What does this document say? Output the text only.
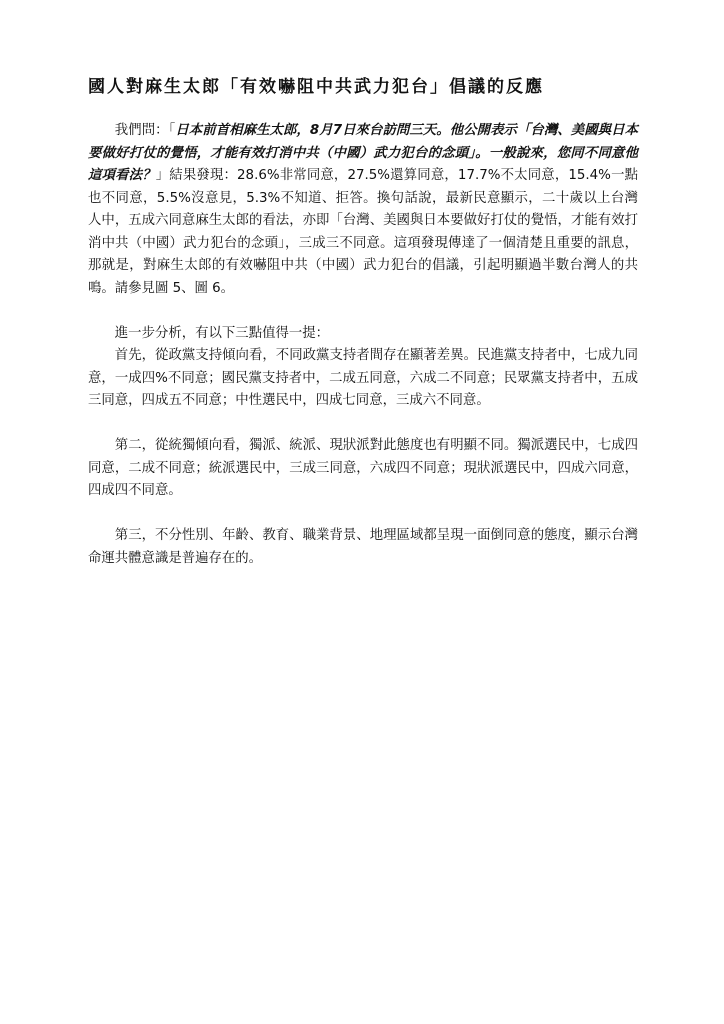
國人對麻生太郎「有效嚇阻中共武力犯台」倡議的反應

我們問：「日本前首相麻生太郎，8月7日來台訪問三天。他公開表示「台灣、美國與日本要做好打仗的覺悟，才能有效打消中共（中國）武力犯台的念頭」。一般說來，您同不同意他這項看法？」結果發現：28.6%非常同意，27.5%還算同意，17.7%不太同意，15.4%一點也不同意，5.5%沒意見，5.3%不知道、拒答。換句話說，最新民意顯示，二十歲以上台灣人中，五成六同意麻生太郎的看法，亦即「台灣、美國與日本要做好打仗的覺悟，才能有效打消中共（中國）武力犯台的念頭」，三成三不同意。這項發現傳達了一個清楚且重要的訊息，那就是，對麻生太郎的有效嚇阻中共（中國）武力犯台的倡議，引起明顯過半數台灣人的共鳴。請參見圖 5、圖 6。

進一步分析，有以下三點值得一提：

首先，從政黨支持傾向看，不同政黨支持者間存在顯著差異。民進黨支持者中，七成九同意，一成四%不同意；國民黨支持者中，二成五同意，六成二不同意；民眾黨支持者中，五成三同意，四成五不同意；中性選民中，四成七同意，三成六不同意。

第二，從統獨傾向看，獨派、統派、現狀派對此態度也有明顯不同。獨派選民中，七成四同意，二成不同意；統派選民中，三成三同意，六成四不同意；現狀派選民中，四成六同意，四成四不同意。

第三，不分性別、年齡、教育、職業背景、地理區域都呈現一面倒同意的態度，顯示台灣命運共體意識是普遍存在的。
